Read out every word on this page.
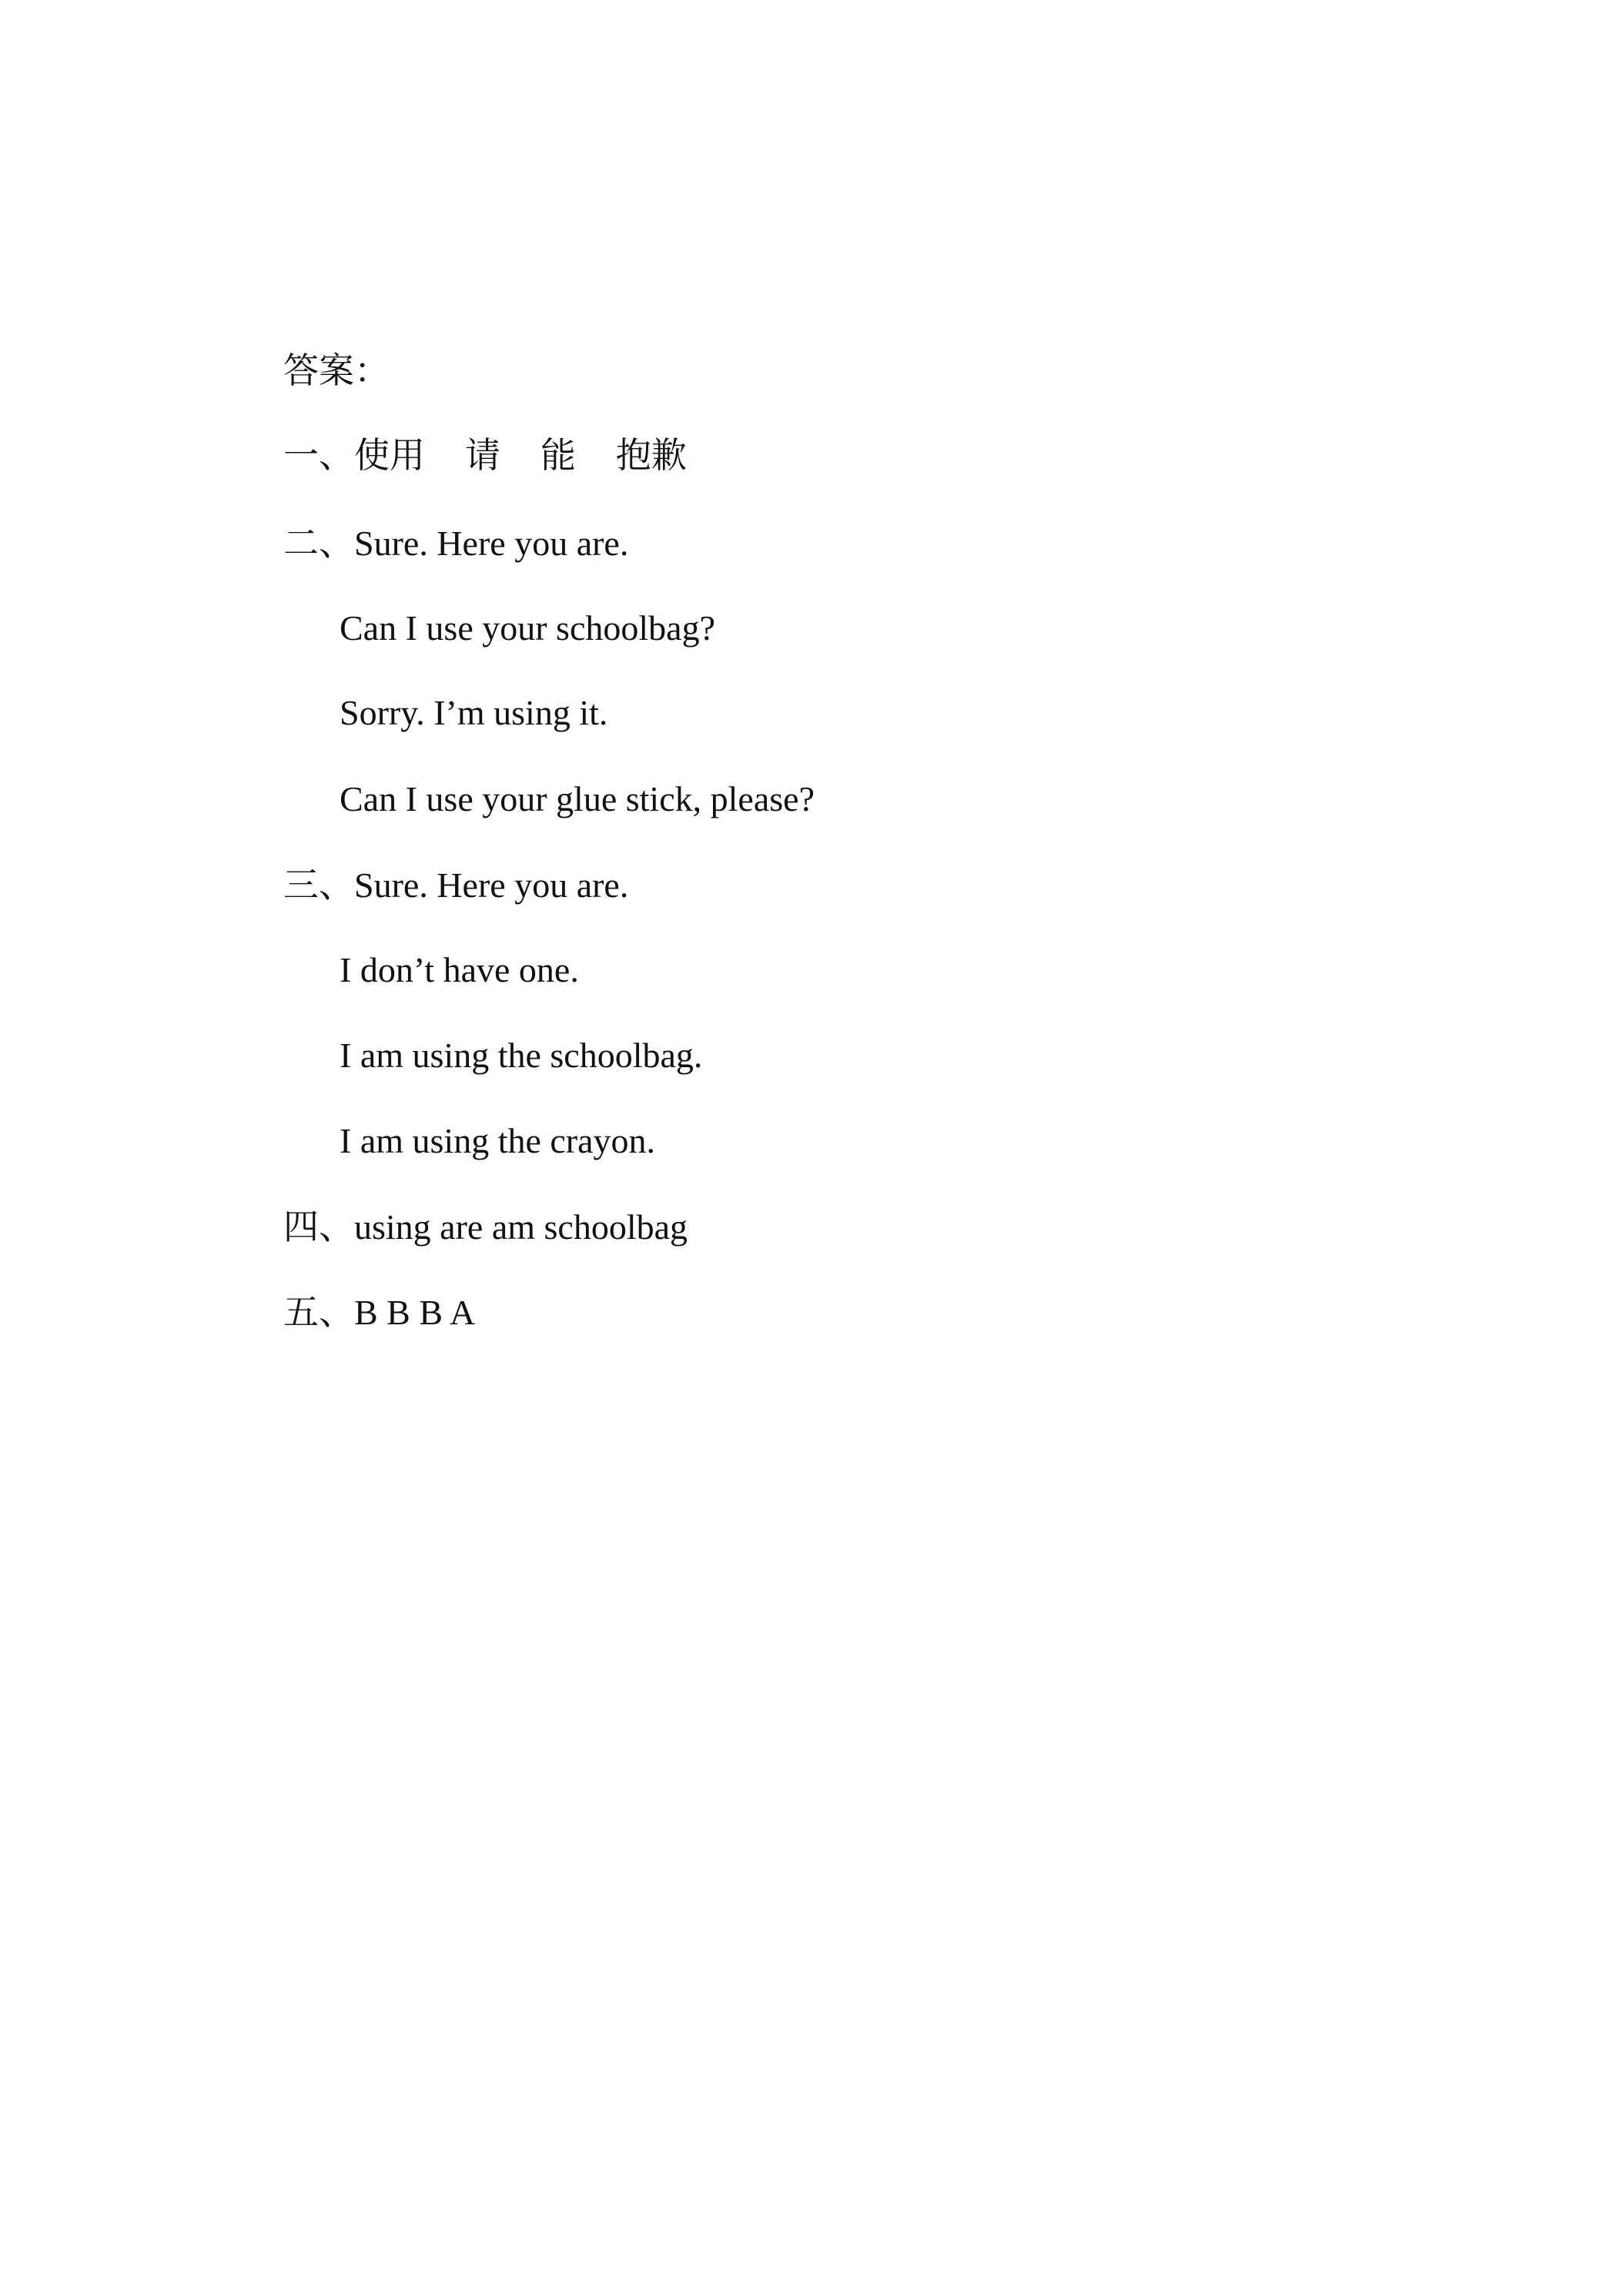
答案：

一、使用 请 能 抱歉

二、Sure. Here you are.

Can I use your schoolbag?

Sorry. I’m using it.

Can I use your glue stick, please?

三、Sure. Here you are.

I don’t have one.

I am using the schoolbag.

I am using the crayon.

四、using are am schoolbag

五、B B B A
